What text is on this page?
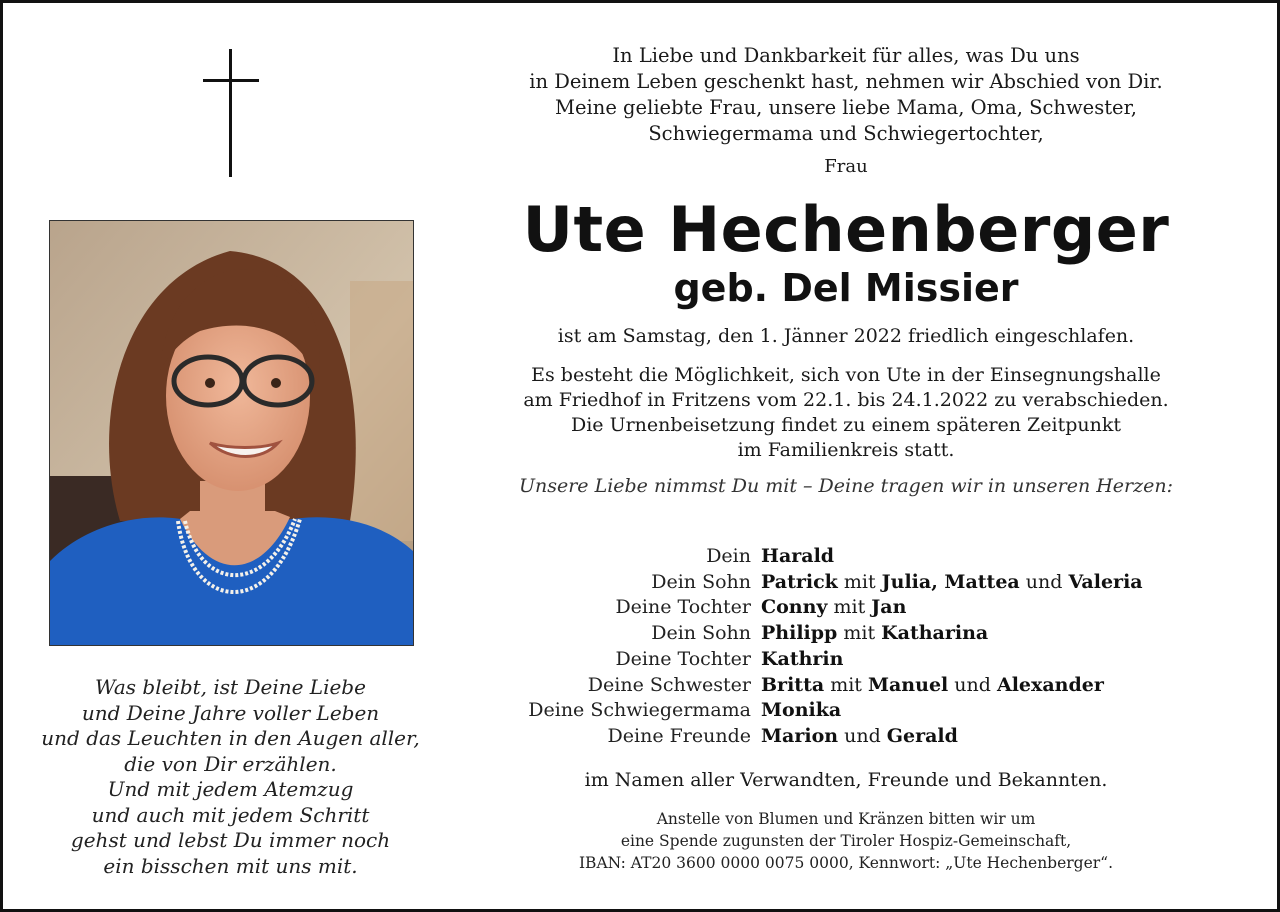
Was bleibt, ist Deine Liebe
und Deine Jahre voller Leben
und das Leuchten in den Augen aller,
die von Dir erzählen.
Und mit jedem Atemzug
und auch mit jedem Schritt
gehst und lebst Du immer noch
ein bisschen mit uns mit.
In Liebe und Dankbarkeit für alles, was Du uns
in Deinem Leben geschenkt hast, nehmen wir Abschied von Dir.
Meine geliebte Frau, unsere liebe Mama, Oma, Schwester,
Schwiegermama und Schwiegertochter,
Frau
Ute Hechenberger
geb. Del Missier
ist am Samstag, den 1. Jänner 2022 friedlich eingeschlafen.
Es besteht die Möglichkeit, sich von Ute in der Einsegnungshalle
am Friedhof in Fritzens vom 22.1. bis 24.1.2022 zu verabschieden.
Die Urnenbeisetzung findet zu einem späteren Zeitpunkt
im Familienkreis statt.
Unsere Liebe nimmst Du mit – Deine tragen wir in unseren Herzen:
Dein Harald
Dein Sohn Patrick mit Julia, Mattea und Valeria
Deine Tochter Conny mit Jan
Dein Sohn Philipp mit Katharina
Deine Tochter Kathrin
Deine Schwester Britta mit Manuel und Alexander
Deine Schwiegermama Monika
Deine Freunde Marion und Gerald
im Namen aller Verwandten, Freunde und Bekannten.
Anstelle von Blumen und Kränzen bitten wir um
eine Spende zugunsten der Tiroler Hospiz-Gemeinschaft,
IBAN: AT20 3600 0000 0075 0000, Kennwort: „Ute Hechenberger“.
